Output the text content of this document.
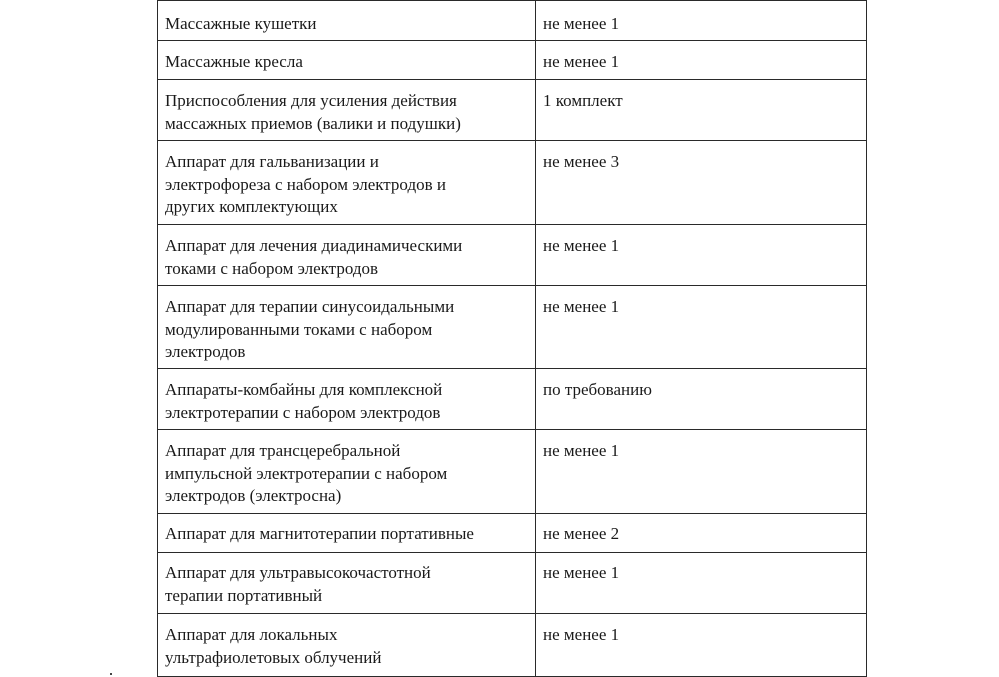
Массажные кушетки	не менее 1
Массажные кресла	не менее 1
Приспособления для усиления действия
массажных приемов (валики и подушки)	1 комплект
Аппарат для гальванизации и
электрофореза с набором электродов и
других комплектующих	не менее 3
Аппарат для лечения диадинамическими
токами с набором электродов	не менее 1
Аппарат для терапии синусоидальными
модулированными токами с набором
электродов	не менее 1
Аппараты-комбайны для комплексной
электротерапии с набором электродов	по требованию
Аппарат для трансцеребральной
импульсной электротерапии с набором
электродов (электросна)	не менее 1
Аппарат для магнитотерапии портативные	не менее 2
Аппарат для ультравысокочастотной
терапии портативный	не менее 1
Аппарат для локальных
ультрафиолетовых облучений	не менее 1
